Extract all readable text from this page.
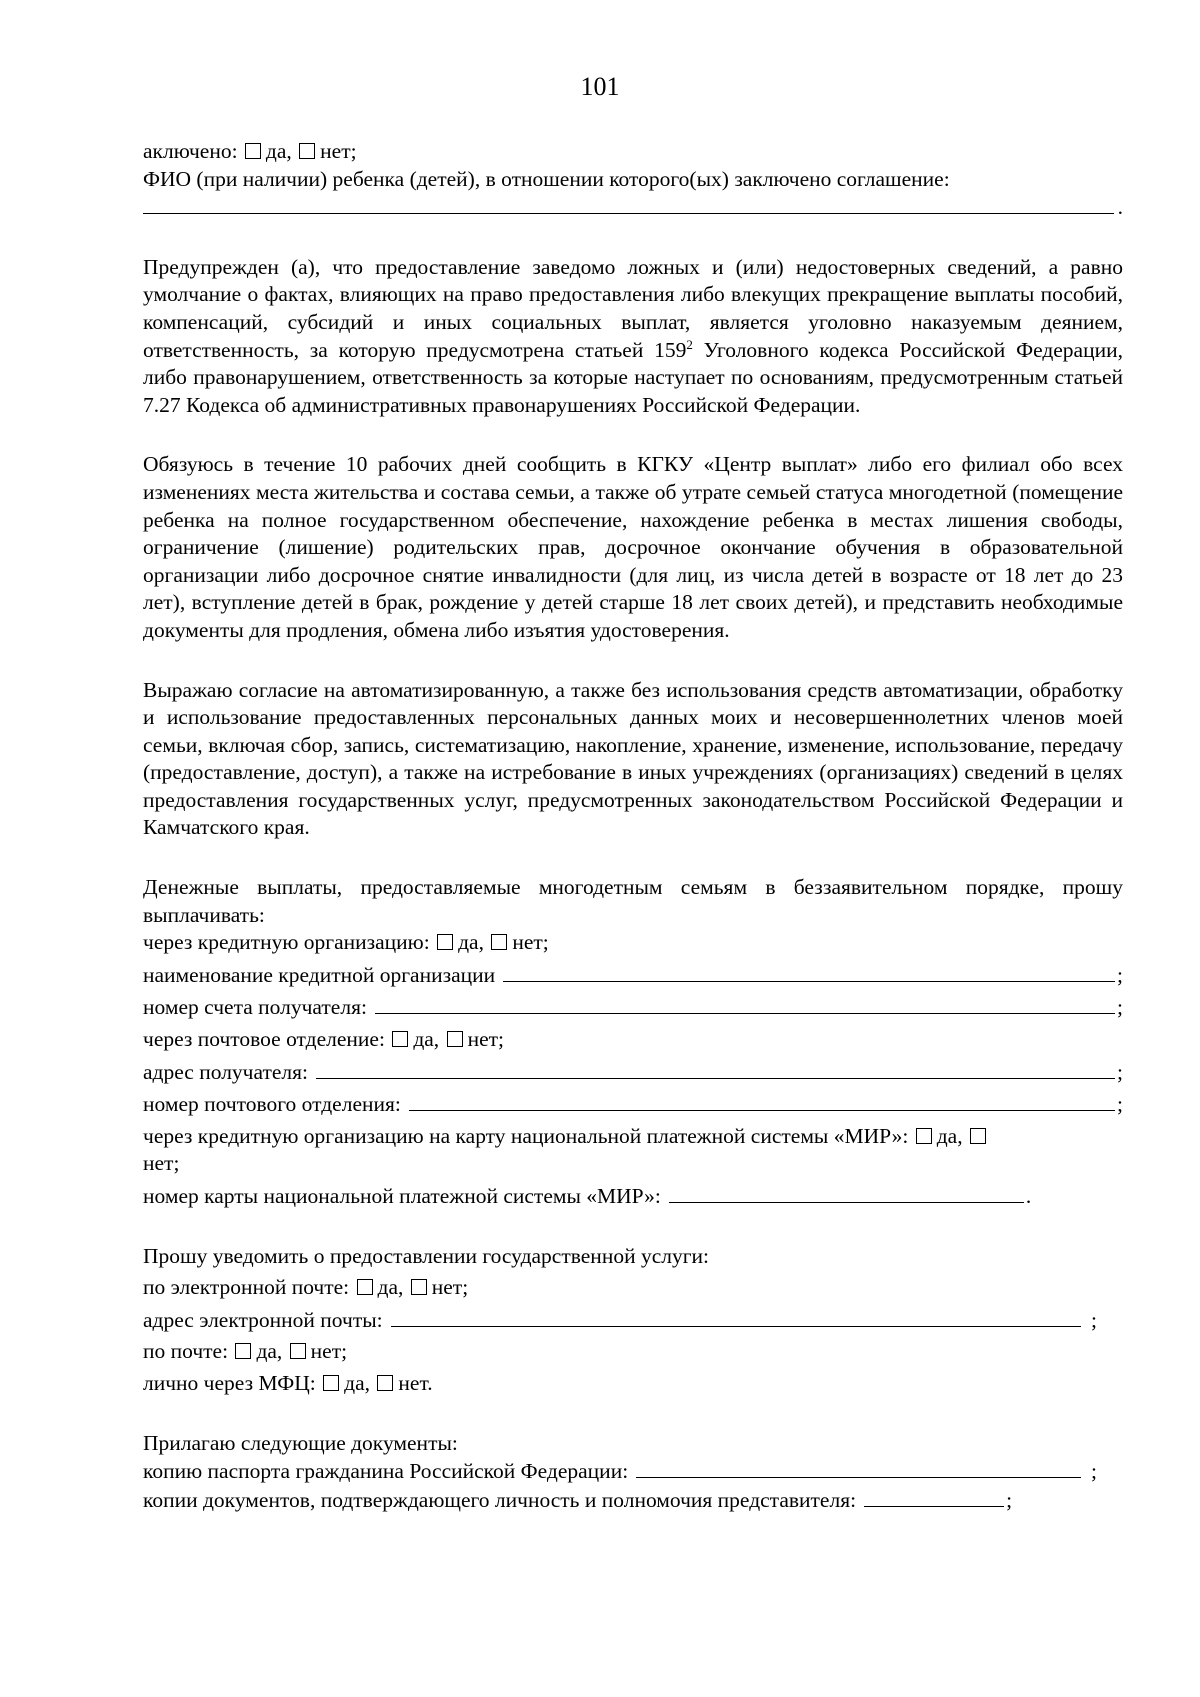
101
аключено:
да,
нет;
ФИО (при наличии) ребенка (детей), в отношении которого(ых) заключено соглашение:
.
Предупрежден (а), что предоставление заведомо ложных и (или) недостоверных сведений, а равно умолчание о фактах, влияющих на право предоставления либо влекущих прекращение выплаты пособий, компенсаций, субсидий и иных социальных выплат, является уголовно наказуемым деянием, ответственность, за которую предусмотрена статьей $159^2$ Уголовного кодекса Российской Федерации, либо правонарушением, ответственность за которые наступает по основаниям, предусмотренным статьей 7.27 Кодекса об административных правонарушениях Российской Федерации.
Обязуюсь в течение 10 рабочих дней сообщить в КГКУ «Центр выплат» либо его филиал обо всех изменениях места жительства и состава семьи, а также об утрате семьей статуса многодетной (помещение ребенка на полное государственном обеспечение, нахождение ребенка в местах лишения свободы, ограничение (лишение) родительских прав, досрочное окончание обучения в образовательной организации либо досрочное снятие инвалидности (для лиц, из числа детей в возрасте от 18 лет до 23 лет), вступление детей в брак, рождение у детей старше 18 лет своих детей), и представить необходимые документы для продления, обмена либо изъятия удостоверения.
Выражаю согласие на автоматизированную, а также без использования средств автоматизации, обработку и использование предоставленных персональных данных моих и несовершеннолетних членов моей семьи, включая сбор, запись, систематизацию, накопление, хранение, изменение, использование, передачу (предоставление, доступ), а также на истребование в иных учреждениях (организациях) сведений в целях предоставления государственных услуг, предусмотренных законодательством Российской Федерации и Камчатского края.
Денежные выплаты, предоставляемые многодетным семьям в беззаявительном порядке, прошу выплачивать:
через кредитную организацию:
да,
нет;
наименование кредитной организации	;
номер счета получателя:	;
через почтовое отделение:
да,
нет;
адрес получателя:	;
номер почтового отделения:	;
через кредитную организацию на карту национальной платежной системы «МИР»:
да,

нет;
номер карты национальной платежной системы «МИР»:	.
Прошу уведомить о предоставлении государственной услуги:
по электронной почте:
да,
нет;
адрес электронной почты:	;
по почте:
да,
нет;
лично через МФЦ:
да,
нет.
Прилагаю следующие документы:
копию паспорта гражданина Российской Федерации:	;
копии документов, подтверждающего личность и полномочия представителя:	;
